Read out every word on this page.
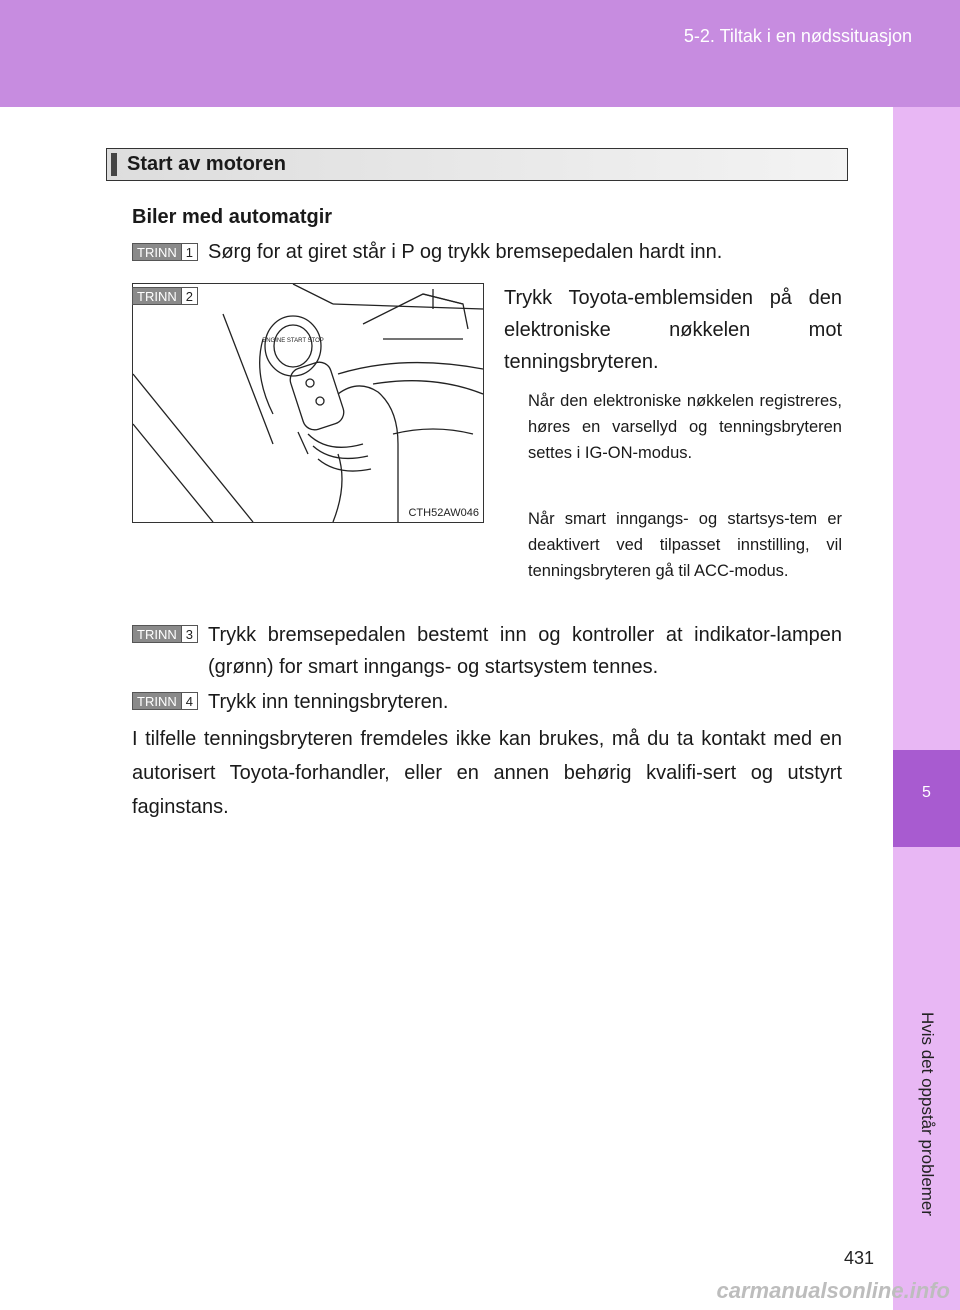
5-2. Tiltak i en nødssituasjon
5
Hvis det oppstår problemer
Start av motoren
Biler med automatgir
TRINN 1 Sørg for at giret står i P og trykk bremsepedalen hardt inn.
TRINN 2
ENGINE START STOP
CTH52AW046
Trykk Toyota-emblemsiden på den elektroniske nøkkelen mot tenningsbryteren.
Når den elektroniske nøkkelen registreres, høres en varsellyd og tenningsbryteren settes i IG-ON-modus.
Når smart inngangs- og startsys-tem er deaktivert ved tilpasset innstilling, vil tenningsbryteren gå til ACC-modus.
TRINN 3 Trykk bremsepedalen bestemt inn og kontroller at indikator-lampen (grønn) for smart inngangs- og startsystem tennes.
TRINN 4 Trykk inn tenningsbryteren.
I tilfelle tenningsbryteren fremdeles ikke kan brukes, må du ta kontakt med en autorisert Toyota-forhandler, eller en annen behørig kvalifi-sert og utstyrt faginstans.
431
carmanualsonline.info
